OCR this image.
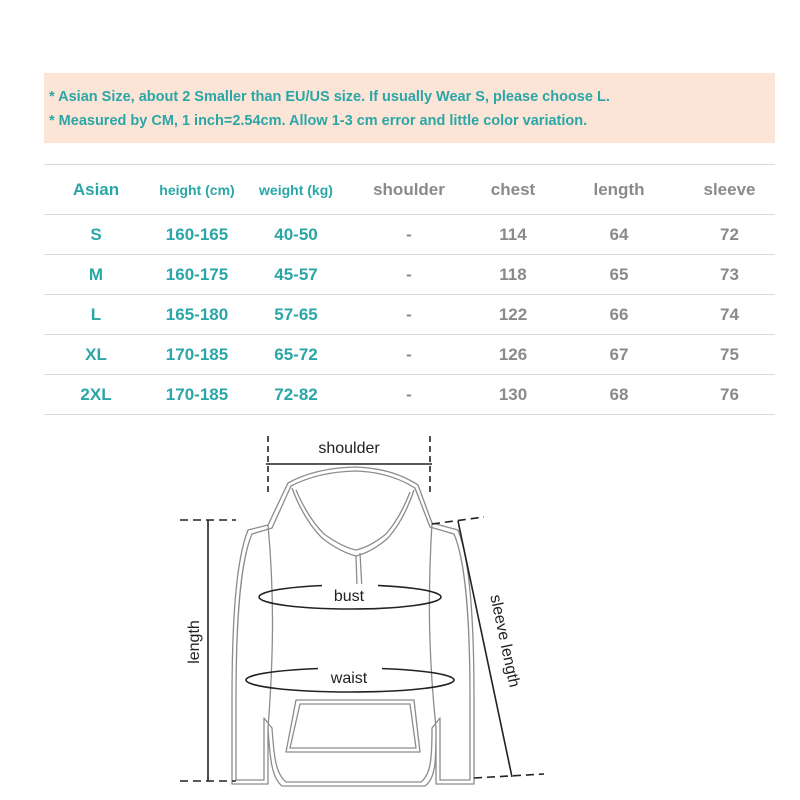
* Asian Size, about 2 Smaller than EU/US size. If usually Wear S, please choose L.
* Measured by CM, 1 inch=2.54cm. Allow 1-3 cm error and little color variation.
Asian	height (cm)	weight (kg)	shoulder	chest	length	sleeve
S	160-165	40-50	-	114	64	72
M	160-175	45-57	-	118	65	73
L	165-180	57-65	-	122	66	74
XL	170-185	65-72	-	126	67	75
2XL	170-185	72-82	-	130	68	76
shoulder
length	sleeve length
bust
waist
